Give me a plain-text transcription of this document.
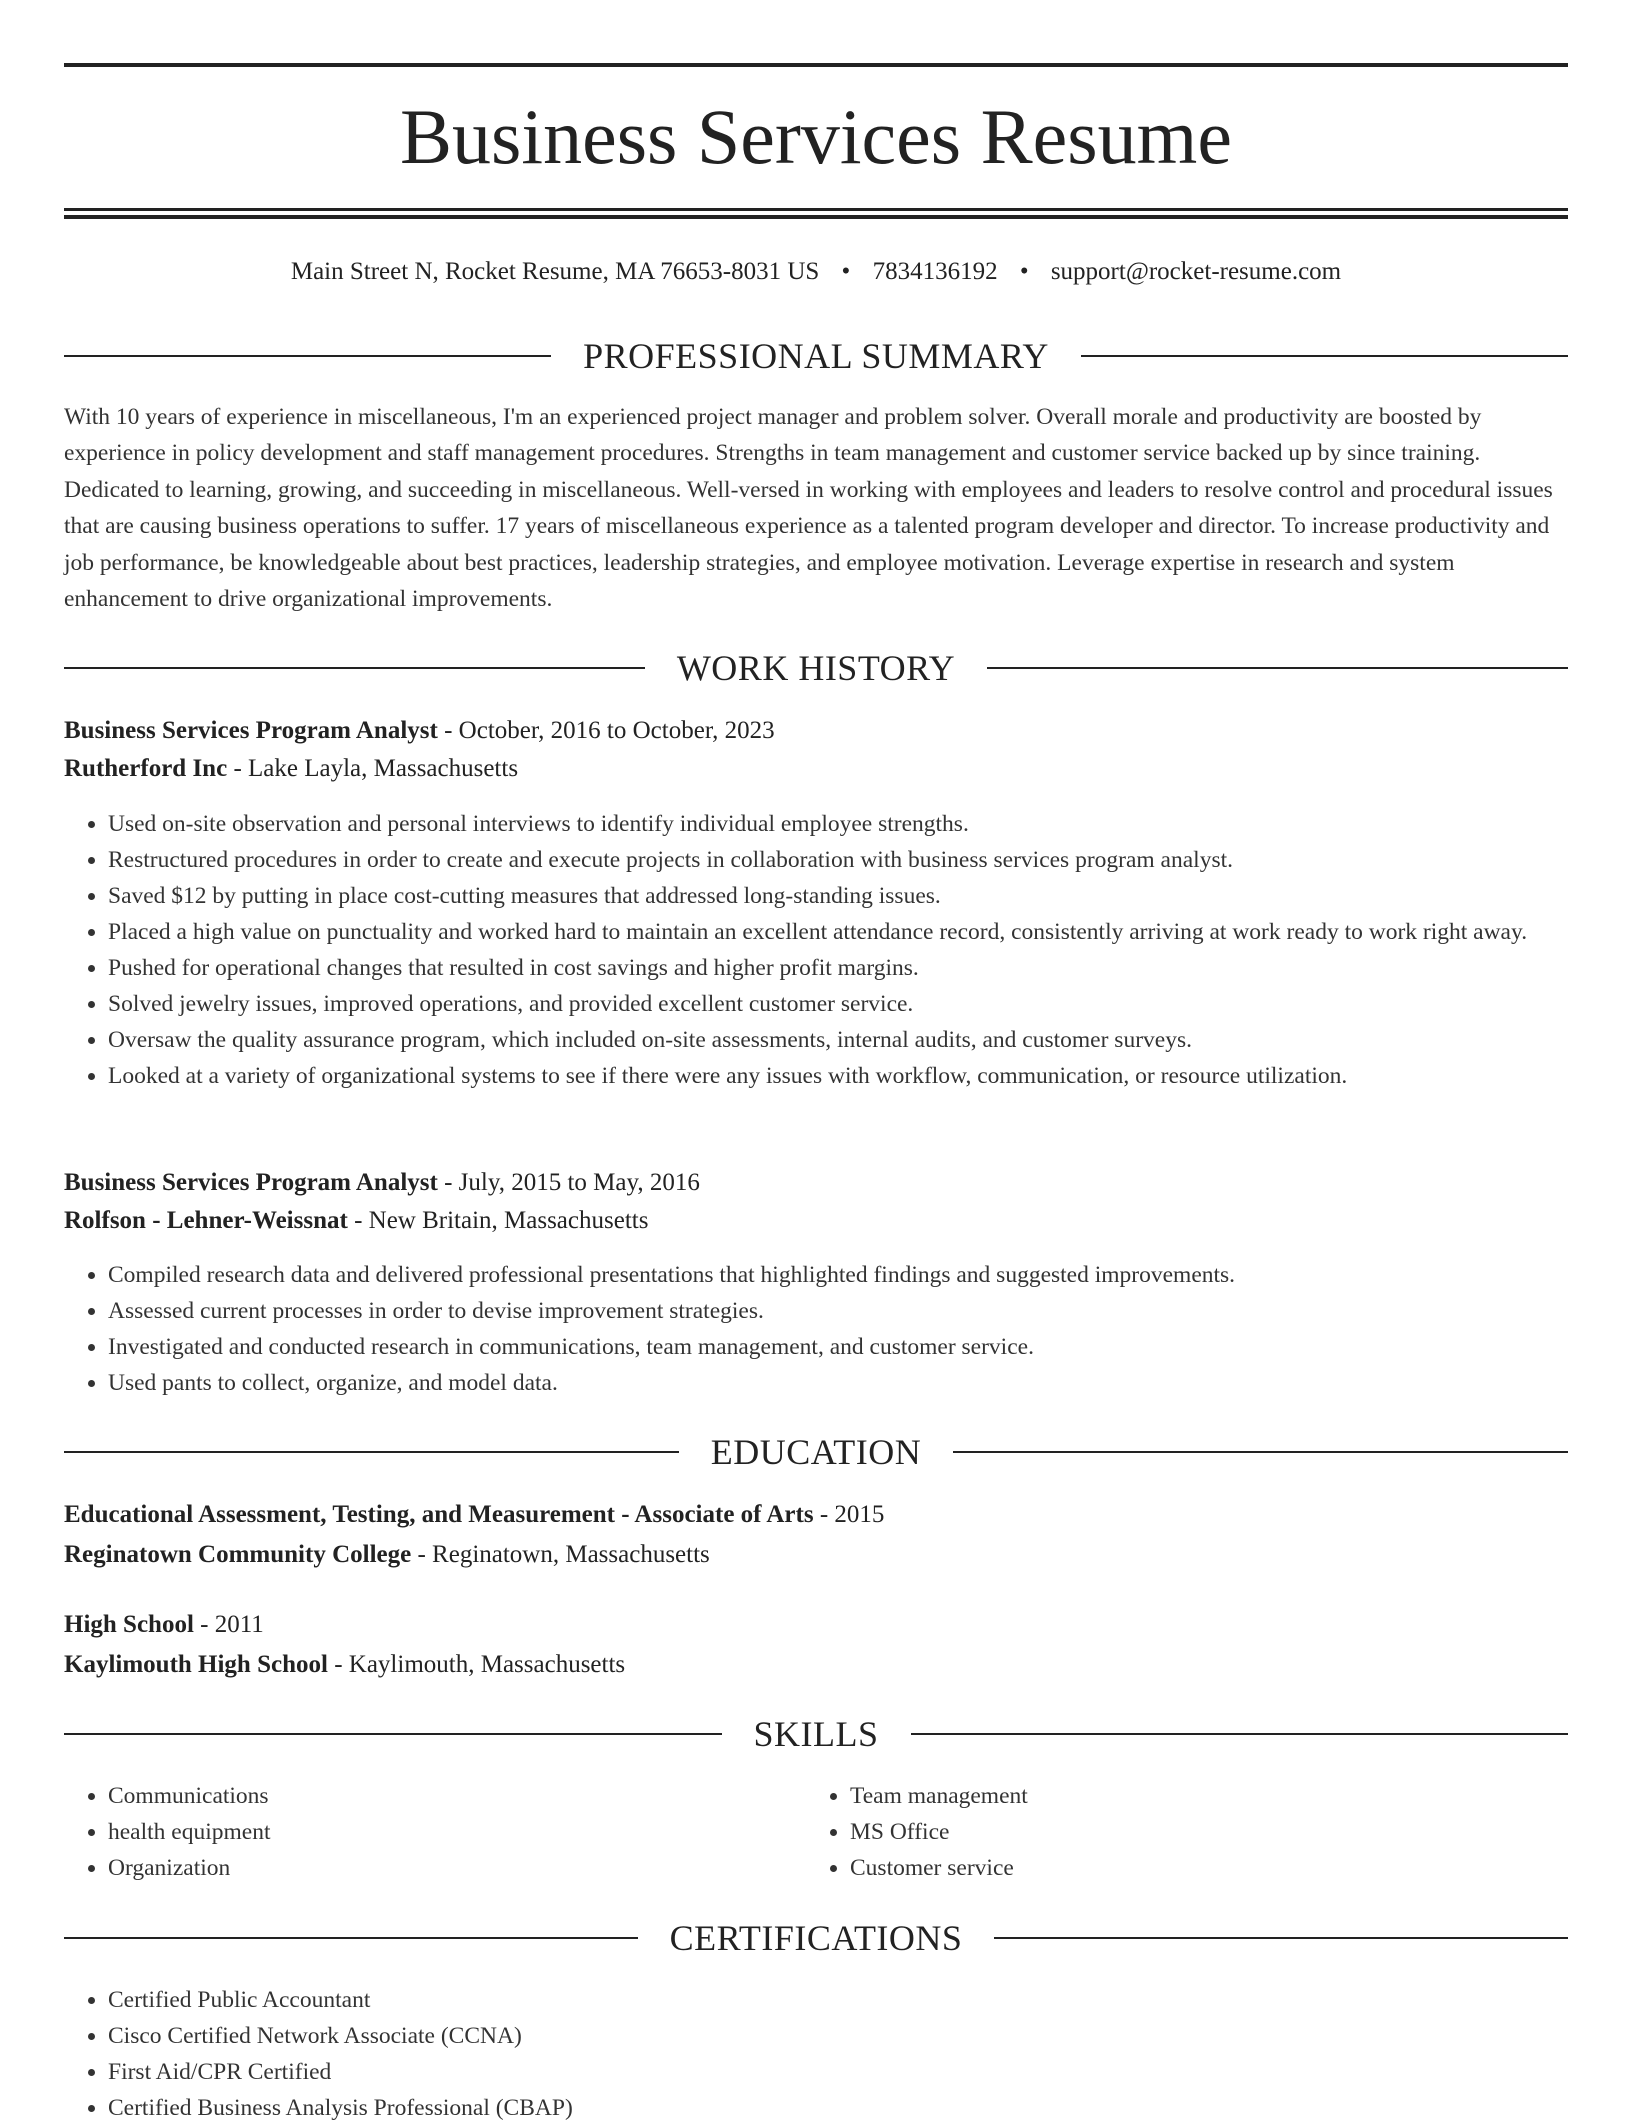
Business Services Resume
Main Street N, Rocket Resume, MA 76653-8031 US • 7834136192 • support@rocket-resume.com
PROFESSIONAL SUMMARY

With 10 years of experience in miscellaneous, I'm an experienced project manager and problem solver. Overall morale and productivity are boosted by experience in policy development and staff management procedures. Strengths in team management and customer service backed up by since training. Dedicated to learning, growing, and succeeding in miscellaneous. Well-versed in working with employees and leaders to resolve control and procedural issues that are causing business operations to suffer. 17 years of miscellaneous experience as a talented program developer and director. To increase productivity and job performance, be knowledgeable about best practices, leadership strategies, and employee motivation. Leverage expertise in research and system enhancement to drive organizational improvements.

WORK HISTORY
Business Services Program Analyst - October, 2016 to October, 2023
Rutherford Inc - Lake Layla, Massachusetts
• Used on-site observation and personal interviews to identify individual employee strengths.
• Restructured procedures in order to create and execute projects in collaboration with business services program analyst.
• Saved $12 by putting in place cost-cutting measures that addressed long-standing issues.
• Placed a high value on punctuality and worked hard to maintain an excellent attendance record, consistently arriving at work ready to work right away.
• Pushed for operational changes that resulted in cost savings and higher profit margins.
• Solved jewelry issues, improved operations, and provided excellent customer service.
• Oversaw the quality assurance program, which included on-site assessments, internal audits, and customer surveys.
• Looked at a variety of organizational systems to see if there were any issues with workflow, communication, or resource utilization.
Business Services Program Analyst - July, 2015 to May, 2016
Rolfson - Lehner-Weissnat - New Britain, Massachusetts
• Compiled research data and delivered professional presentations that highlighted findings and suggested improvements.
• Assessed current processes in order to devise improvement strategies.
• Investigated and conducted research in communications, team management, and customer service.
• Used pants to collect, organize, and model data.
EDUCATION
Educational Assessment, Testing, and Measurement - Associate of Arts - 2015
Reginatown Community College - Reginatown, Massachusetts
High School - 2011
Kaylimouth High School - Kaylimouth, Massachusetts
SKILLS
• Communications
• health equipment
• Organization
• Team management
• MS Office
• Customer service
CERTIFICATIONS
• Certified Public Accountant
• Cisco Certified Network Associate (CCNA)
• First Aid/CPR Certified
• Certified Business Analysis Professional (CBAP)
